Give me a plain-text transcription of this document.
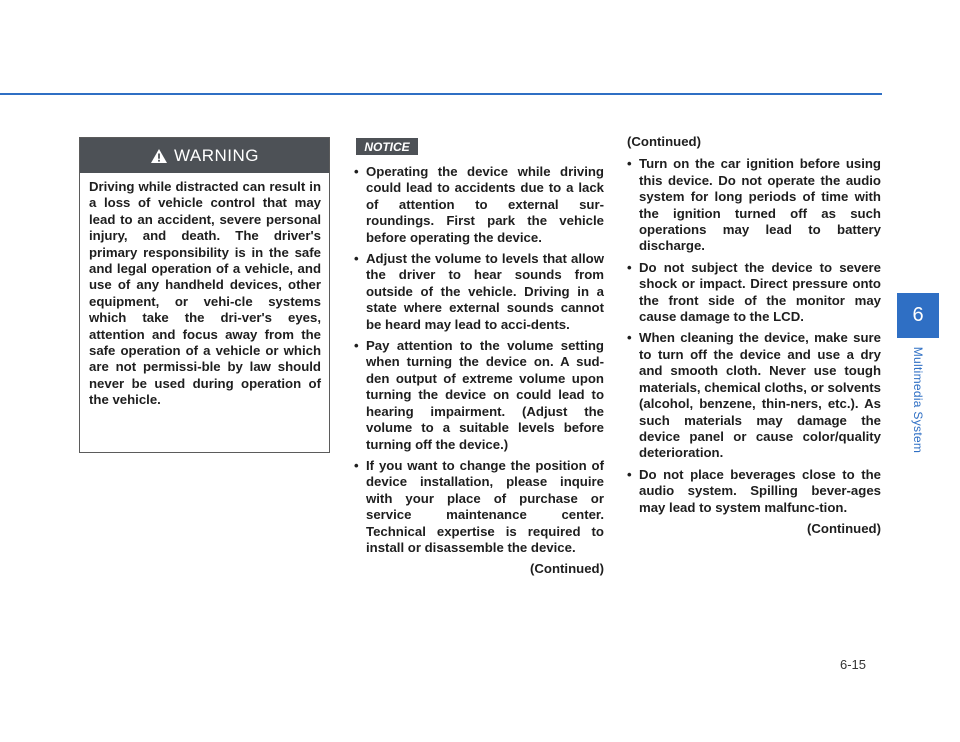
WARNING
Driving while distracted can result in a loss of vehicle control that may lead to an accident, severe personal injury, and death. The driver's primary responsibility is in the safe and legal operation of a vehicle, and use of any handheld devices, other equipment, or vehi-cle systems which take the dri-ver's eyes, attention and focus away from the safe operation of a vehicle or which are not permissi-ble by law should never be used during operation of the vehicle.
NOTICE
• Operating the device while driving could lead to accidents due to a lack of attention to external sur-roundings. First park the vehicle before operating the device.
• Adjust the volume to levels that allow the driver to hear sounds from outside of the vehicle. Driving in a state where external sounds cannot be heard may lead to acci-dents.
• Pay attention to the volume setting when turning the device on. A sud-den output of extreme volume upon turning the device on could lead to hearing impairment. (Adjust the volume to a suitable levels before turning off the device.)
• If you want to change the position of device installation, please inquire with your place of purchase or service maintenance center. Technical expertise is required to install or disassemble the device.
(Continued)
(Continued)
• Turn on the car ignition before using this device. Do not operate the audio system for long periods of time with the ignition turned off as such operations may lead to battery discharge.
• Do not subject the device to severe shock or impact. Direct pressure onto the front side of the monitor may cause damage to the LCD.
• When cleaning the device, make sure to turn off the device and use a dry and smooth cloth. Never use tough materials, chemical cloths, or solvents (alcohol, benzene, thin-ners, etc.). As such materials may damage the device panel or cause color/quality deterioration.
• Do not place beverages close to the audio system. Spilling bever-ages may lead to system malfunc-tion.
(Continued)
6
Multimedia System
6-15
